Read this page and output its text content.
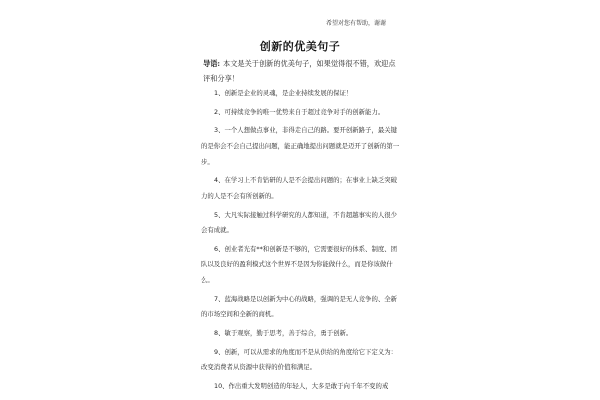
希望对您有帮助，谢谢
创新的优美句子

导语: 本文是关于创新的优美句子，如果觉得很不错，欢迎点评和分享！

1、创新是企业的灵魂，是企业持续发展的保证！
2、可持续竞争的唯一优势来自于超过竞争对手的创新能力。
3、一个人想做点事业，非得走自己的路。要开创新路子，最关键的是你会不会自己提出问题，能正确地提出问题就是迈开了创新的第一步。
4、在学习上不肯钻研的人是不会提出问题的；在事业上缺乏突破力的人是不会有所创新的。
5、大凡实际接触过科学研究的人都知道，不肯超越事实的人很少会有成就。
6、创业者光有**和创新是不够的，它需要很好的体系、制度、团队以及良好的盈利模式这个世界不是因为你能做什么，而是你该做什么。
7、蓝海战略是以创新为中心的战略，强调的是无人竞争的、全新的市场空间和全新的商机。
8、敏于观察，勤于思考，善于综合，勇于创新。
9、创新，可以从需求的角度而不是从供给的角度给它下定义为：改变消费者从资源中获得的价值和满足。
10、作出重大发明创造的年轻人，大多是敢于向千年不变的戒
